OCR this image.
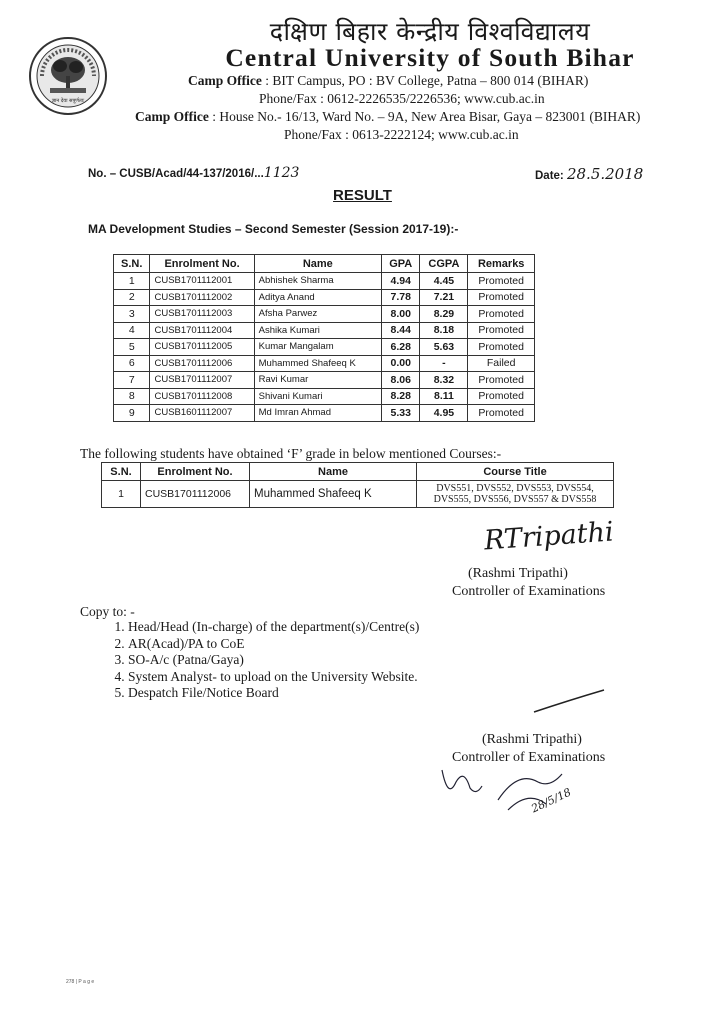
ज्ञान देवा सपूर्णताः
दक्षिण बिहार केन्द्रीय विश्वविद्यालय
Central University of South Bihar
Camp Office : BIT Campus, PO : BV College, Patna – 800 014 (BIHAR)
Phone/Fax : 0612-2226535/2226536; www.cub.ac.in
Camp Office : House No.- 16/13, Ward No. – 9A, New Area Bisar, Gaya – 823001 (BIHAR)
Phone/Fax : 0613-2222124; www.cub.ac.in
No. – CUSB/Acad/44-137/2016/...1123	Date: 28.5.2018
RESULT
MA Development Studies – Second Semester (Session 2017-19):-
S.N.	Enrolment No.	Name	GPA	CGPA	Remarks
1	CUSB1701112001	Abhishek Sharma	4.94	4.45	Promoted
2	CUSB1701112002	Aditya Anand	7.78	7.21	Promoted
3	CUSB1701112003	Afsha Parwez	8.00	8.29	Promoted
4	CUSB1701112004	Ashika Kumari	8.44	8.18	Promoted
5	CUSB1701112005	Kumar Mangalam	6.28	5.63	Promoted
6	CUSB1701112006	Muhammed Shafeeq K	0.00	-	Failed
7	CUSB1701112007	Ravi Kumar	8.06	8.32	Promoted
8	CUSB1701112008	Shivani Kumari	8.28	8.11	Promoted
9	CUSB1601112007	Md Imran Ahmad	5.33	4.95	Promoted
The following students have obtained ‘F’ grade in below mentioned Courses:-
S.N.	Enrolment No.	Name	Course Title
1	CUSB1701112006	Muhammed Shafeeq K	DVS551, DVS552, DVS553, DVS554,
DVS555, DVS556, DVS557 & DVS558
RTripathi
(Rashmi Tripathi)
Controller of Examinations
Copy to: -
1. Head/Head (In-charge) of the department(s)/Centre(s)
2. AR(Acad)/PA to CoE
3. SO-A/c (Patna/Gaya)
4. System Analyst- to upload on the University Website.
5. Despatch File/Notice Board
(Rashmi Tripathi)
Controller of Examinations
28/5/18
278 | P a g e
